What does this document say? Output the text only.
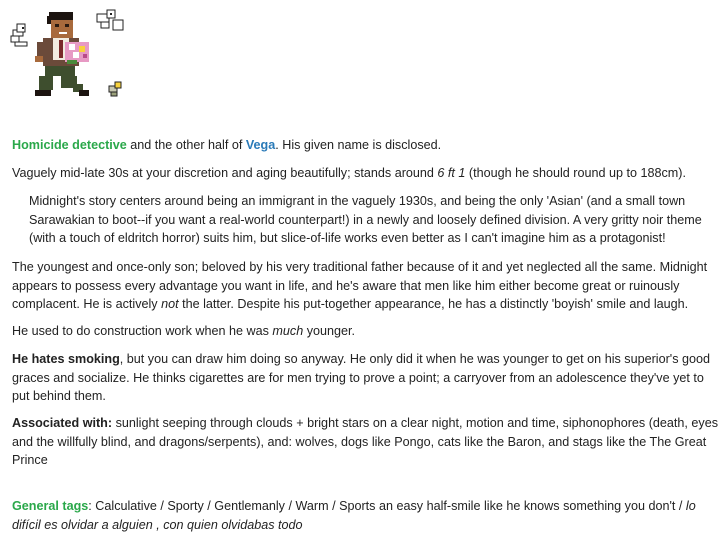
Homicide detective and the other half of Vega. His given name is disclosed.

Vaguely mid-late 30s at your discretion and aging beautifully; stands around 6 ft 1 (though he should round up to 188cm).

Midnight's story centers around being an immigrant in the vaguely 1930s, and being the only 'Asian' (and a small town Sarawakian to boot--if you want a real-world counterpart!) in a newly and loosely defined division. A very gritty noir theme (with a touch of eldritch horror) suits him, but slice-of-life works even better as I can't imagine him as a protagonist!

The youngest and once-only son; beloved by his very traditional father because of it and yet neglected all the same. Midnight appears to possess every advantage you want in life, and he's aware that men like him either become great or ruinously complacent. He is actively not the latter. Despite his put-together appearance, he has a distinctly 'boyish' smile and laugh.

He used to do construction work when he was much younger.

He hates smoking, but you can draw him doing so anyway. He only did it when he was younger to get on his superior's good graces and socialize. He thinks cigarettes are for men trying to prove a point; a carryover from an adolescence they've yet to put behind them.

Associated with: sunlight seeping through clouds + bright stars on a clear night, motion and time, siphonophores (death, eyes and the willfully blind, and dragons/serpents), and: wolves, dogs like Pongo, cats like the Baron, and stags like the The Great Prince

General tags: Calculative / Sporty / Gentlemanly / Warm / Sports an easy half-smile like he knows something you don't / lo difícil es olvidar a alguien , con quien olvidabas todo
